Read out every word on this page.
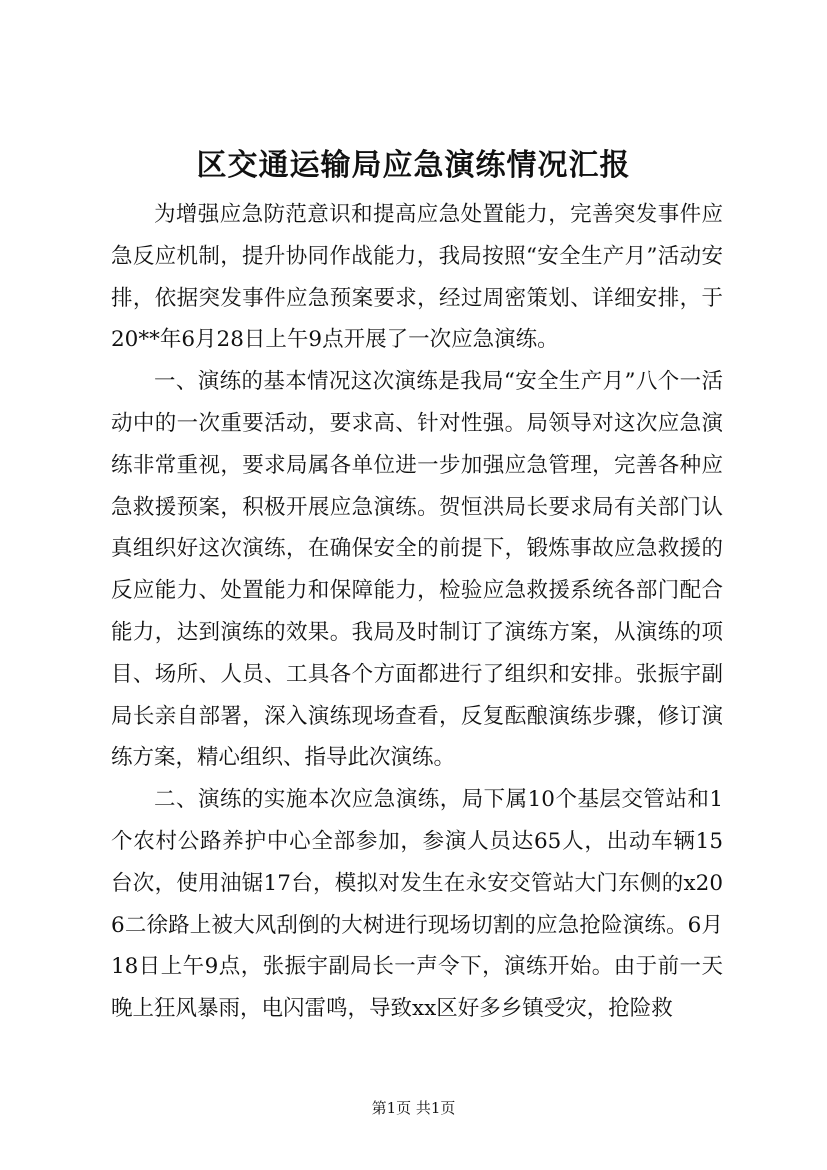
区交通运输局应急演练情况汇报

为增强应急防范意识和提高应急处置能力，完善突发事件应急反应机制，提升协同作战能力，我局按照“安全生产月”活动安排，依据突发事件应急预案要求，经过周密策划、详细安排，于20**年6月28日上午9点开展了一次应急演练。

一、演练的基本情况这次演练是我局“安全生产月”八个一活动中的一次重要活动，要求高、针对性强。局领导对这次应急演练非常重视，要求局属各单位进一步加强应急管理，完善各种应急救援预案，积极开展应急演练。贺恒洪局长要求局有关部门认真组织好这次演练，在确保安全的前提下，锻炼事故应急救援的反应能力、处置能力和保障能力，检验应急救援系统各部门配合能力，达到演练的效果。我局及时制订了演练方案，从演练的项目、场所、人员、工具各个方面都进行了组织和安排。张振宇副局长亲自部署，深入演练现场查看，反复酝酿演练步骤，修订演练方案，精心组织、指导此次演练。

二、演练的实施本次应急演练，局下属10个基层交管站和1个农村公路养护中心全部参加，参演人员达65人，出动车辆15台次，使用油锯17台，模拟对发生在永安交管站大门东侧的x206二徐路上被大风刮倒的大树进行现场切割的应急抢险演练。6月18日上午9点，张振宇副局长一声令下，演练开始。由于前一天晚上狂风暴雨，电闪雷鸣，导致xx区好多乡镇受灾，抢险救

第1页 共1页
